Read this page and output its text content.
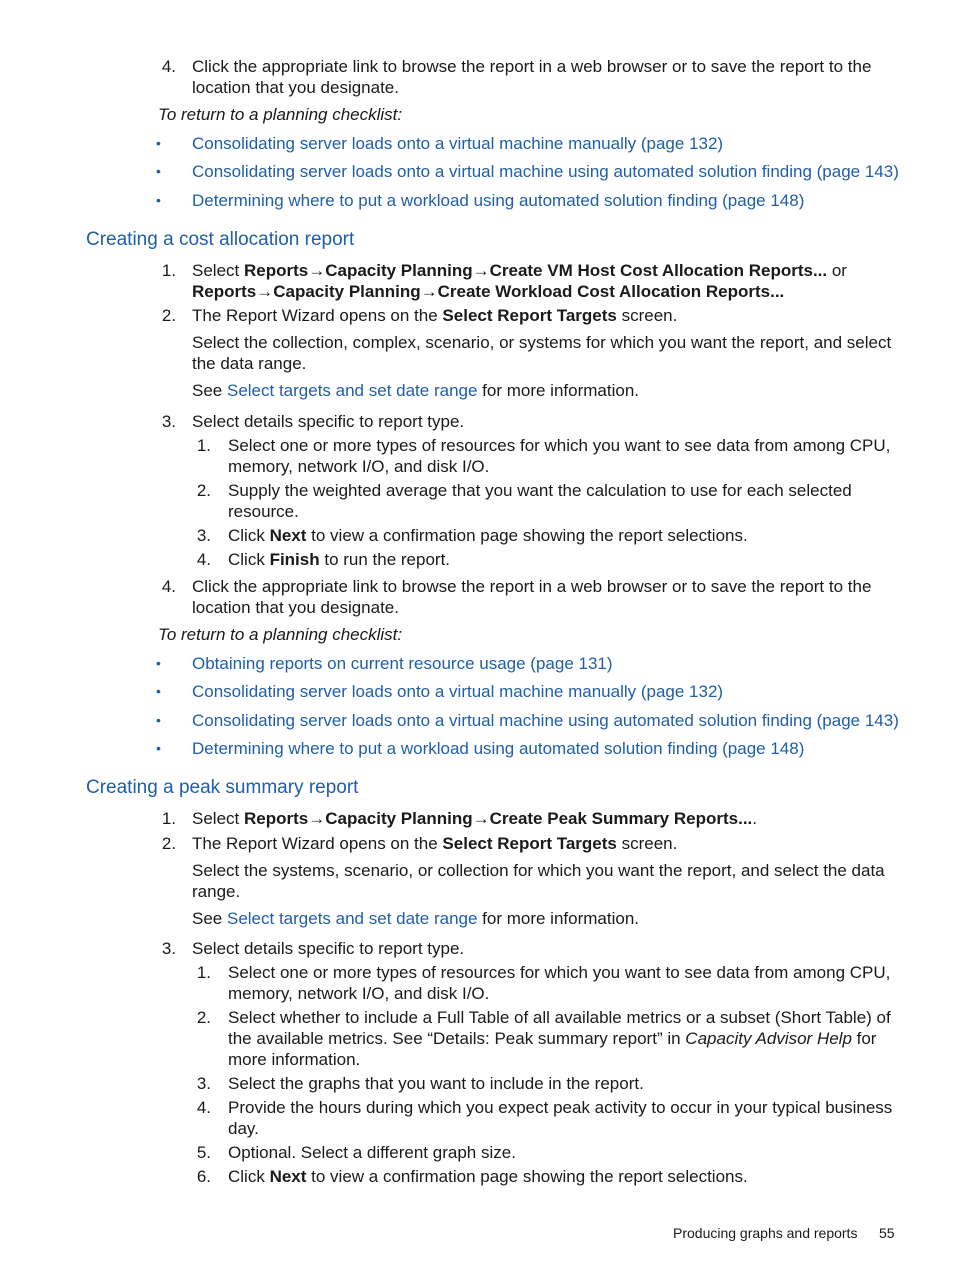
4. Click the appropriate link to browse the report in a web browser or to save the report to the location that you designate.
To return to a planning checklist:
•	Consolidating server loads onto a virtual machine manually (page 132)
•	Consolidating server loads onto a virtual machine using automated solution finding (page 143)
•	Determining where to put a workload using automated solution finding (page 148)
Creating a cost allocation report
1. Select Reports→Capacity Planning→Create VM Host Cost Allocation Reports... or
Reports→Capacity Planning→Create Workload Cost Allocation Reports...
2. The Report Wizard opens on the Select Report Targets screen.
Select the collection, complex, scenario, or systems for which you want the report, and select the data range.
See Select targets and set date range for more information.
3. Select details specific to report type.
1. Select one or more types of resources for which you want to see data from among CPU, memory, network I/O, and disk I/O.
2. Supply the weighted average that you want the calculation to use for each selected resource.
3. Click Next to view a confirmation page showing the report selections.
4. Click Finish to run the report.
4. Click the appropriate link to browse the report in a web browser or to save the report to the location that you designate.
To return to a planning checklist:
•	Obtaining reports on current resource usage (page 131)
•	Consolidating server loads onto a virtual machine manually (page 132)
•	Consolidating server loads onto a virtual machine using automated solution finding (page 143)
•	Determining where to put a workload using automated solution finding (page 148)
Creating a peak summary report
1. Select Reports→Capacity Planning→Create Peak Summary Reports....
2. The Report Wizard opens on the Select Report Targets screen.
Select the systems, scenario, or collection for which you want the report, and select the data range.
See Select targets and set date range for more information.
3. Select details specific to report type.
1. Select one or more types of resources for which you want to see data from among CPU, memory, network I/O, and disk I/O.
2. Select whether to include a Full Table of all available metrics or a subset (Short Table) of the available metrics. See “Details: Peak summary report” in Capacity Advisor Help for more information.
3. Select the graphs that you want to include in the report.
4. Provide the hours during which you expect peak activity to occur in your typical business day.
5. Optional. Select a different graph size.
6. Click Next to view a confirmation page showing the report selections.
Producing graphs and reports 55
